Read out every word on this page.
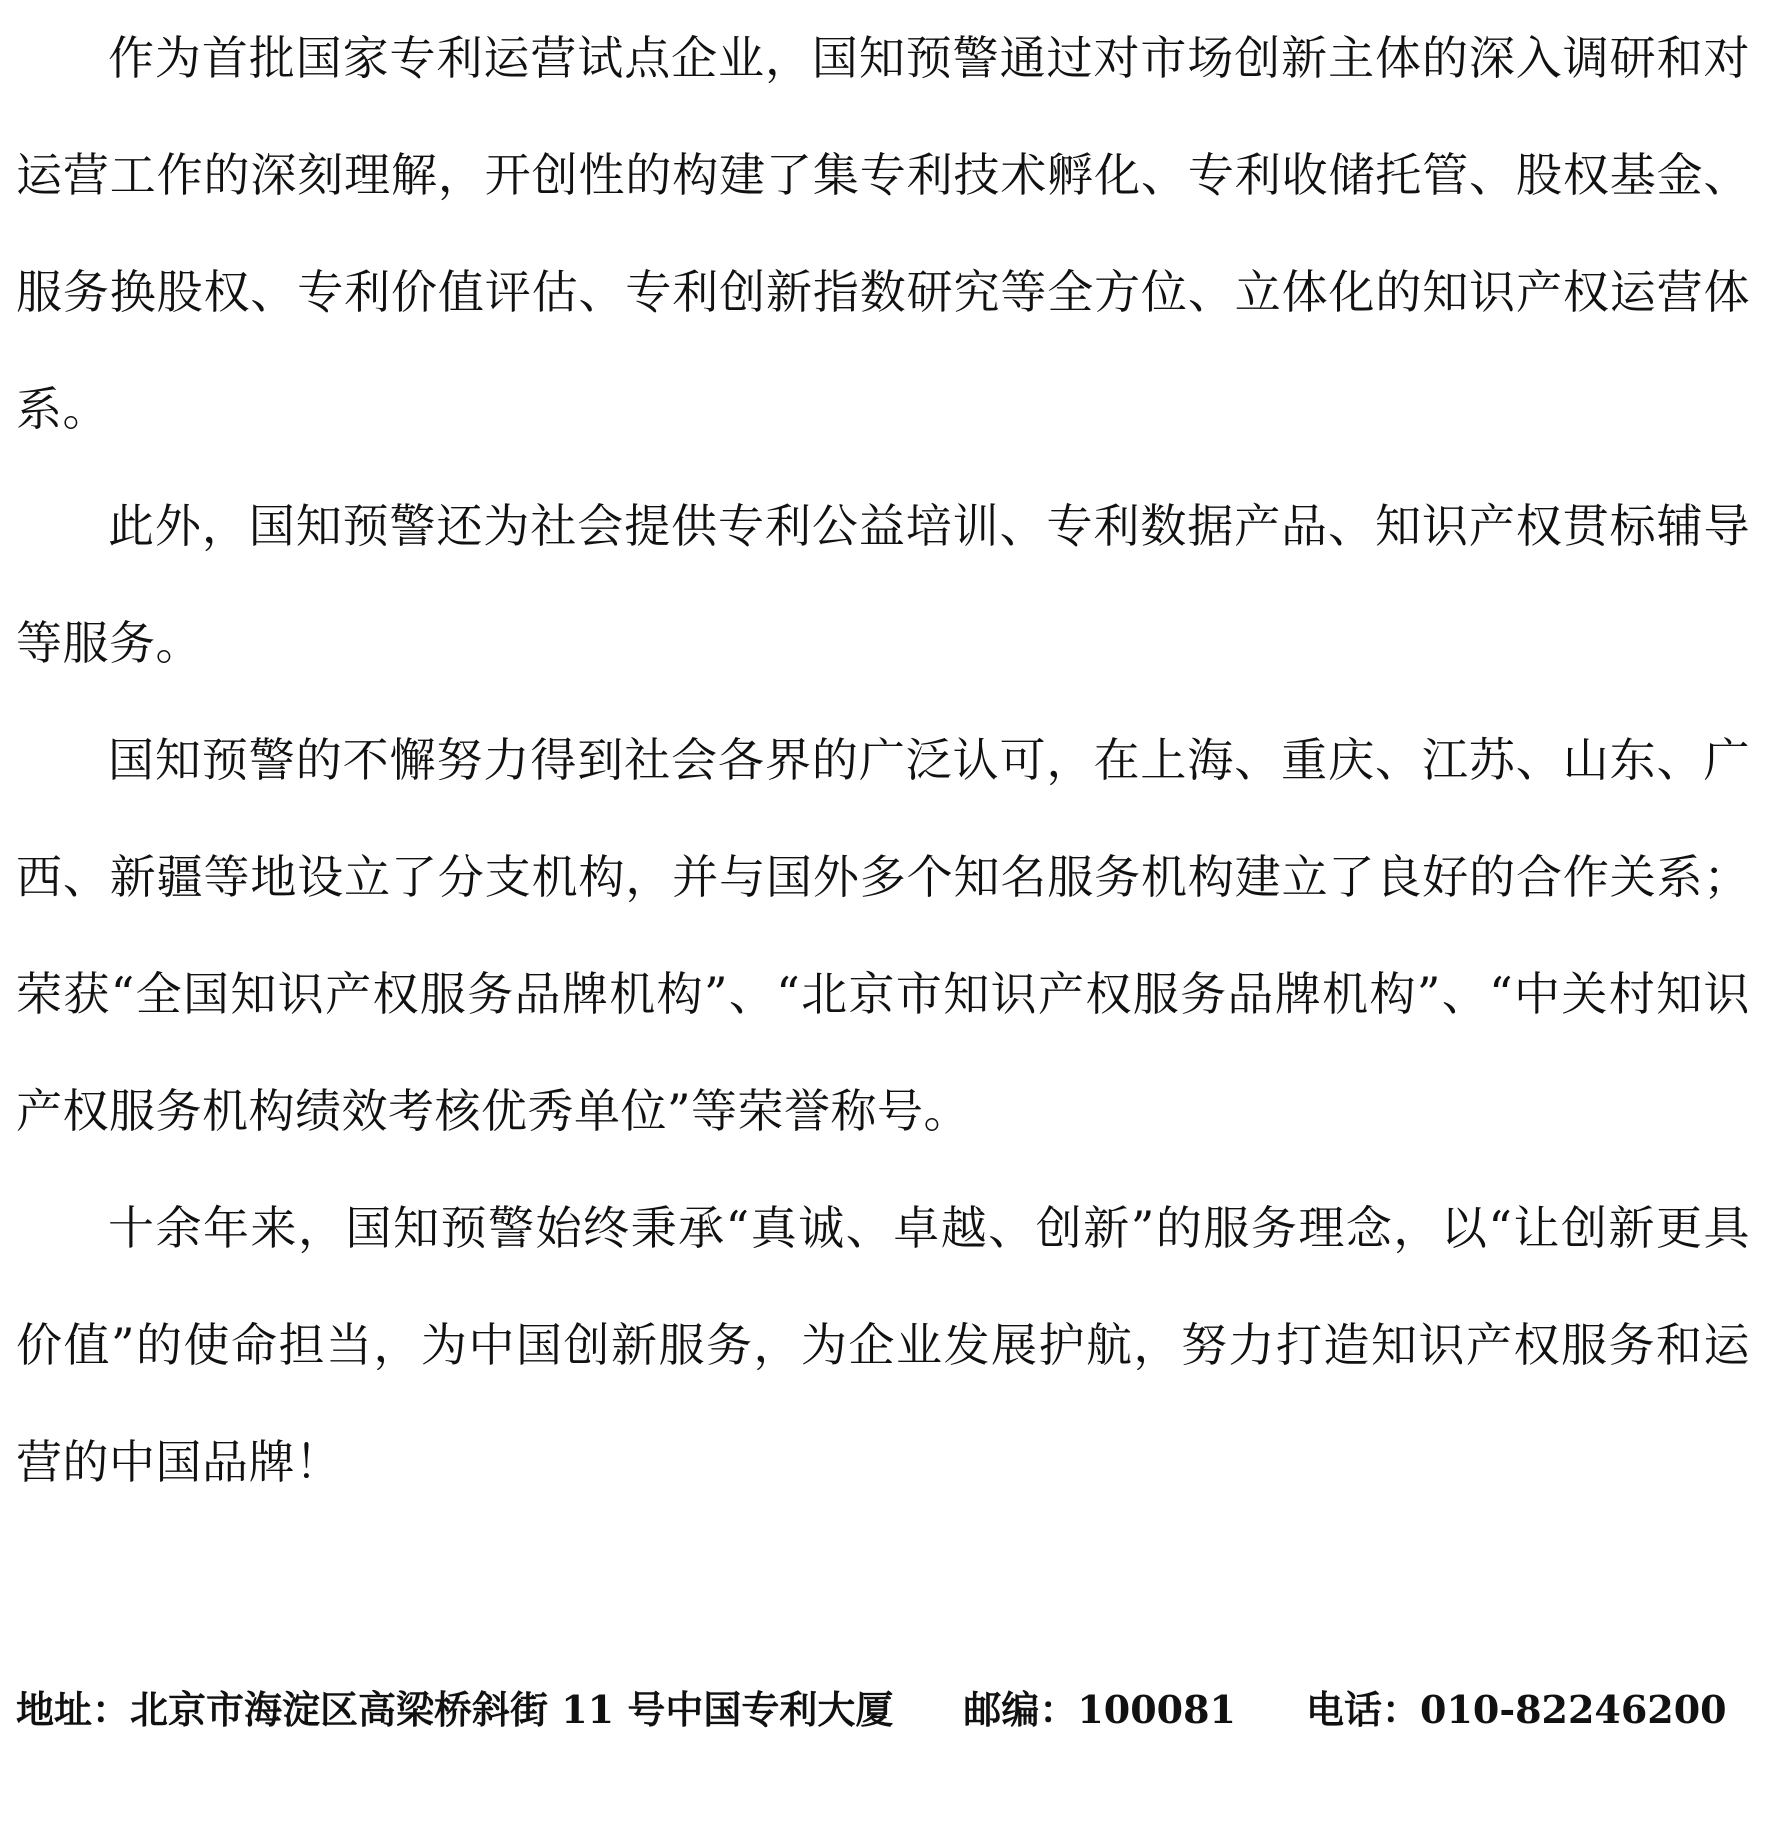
作为首批国家专利运营试点企业，国知预警通过对市场创新主体的深入调研和对运营工作的深刻理解，开创性的构建了集专利技术孵化、专利收储托管、股权基金、服务换股权、专利价值评估、专利创新指数研究等全方位、立体化的知识产权运营体系。

此外，国知预警还为社会提供专利公益培训、专利数据产品、知识产权贯标辅导等服务。

国知预警的不懈努力得到社会各界的广泛认可，在上海、重庆、江苏、山东、广西、新疆等地设立了分支机构，并与国外多个知名服务机构建立了良好的合作关系；荣获“全国知识产权服务品牌机构”、“北京市知识产权服务品牌机构”、“中关村知识产权服务机构绩效考核优秀单位”等荣誉称号。

十余年来，国知预警始终秉承“真诚、卓越、创新”的服务理念，以“让创新更具价值”的使命担当，为中国创新服务，为企业发展护航，努力打造知识产权服务和运营的中国品牌！

地址：北京市海淀区高梁桥斜街 11 号中国专利大厦 邮编：100081 电话：010-82246200
